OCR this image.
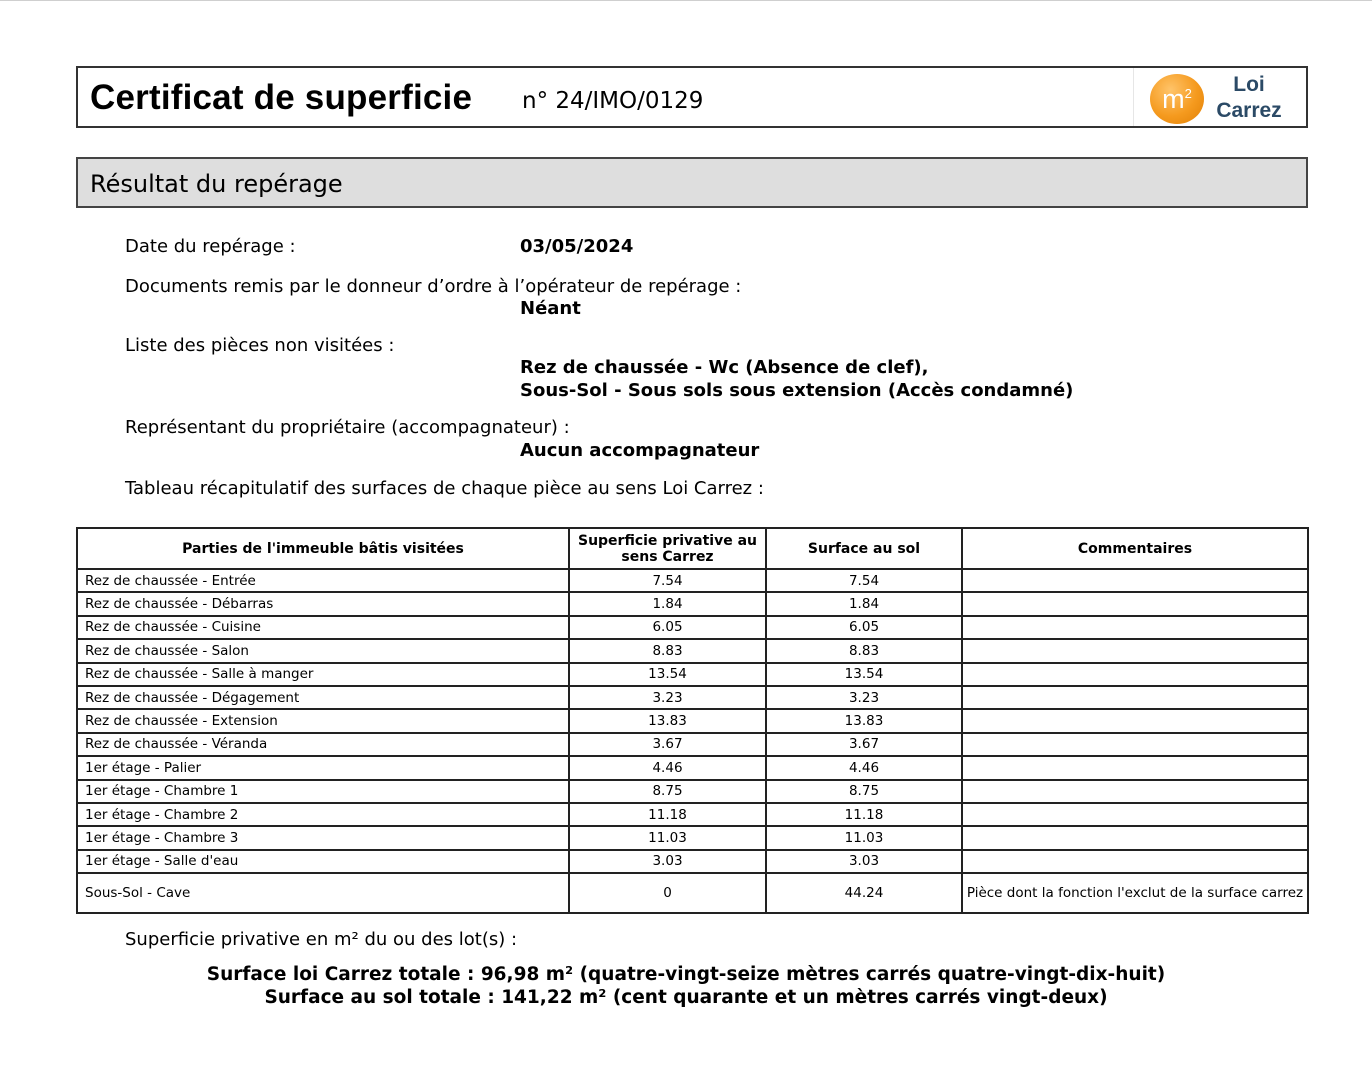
Certificat de superficie n° 24/IMO/0129	$m^2$	Loi
Carrez
Résultat du repérage
Date du repérage :	03/05/2024
Documents remis par le donneur d’ordre à l’opérateur de repérage :
Néant
Liste des pièces non visitées :
Rez de chaussée - Wc (Absence de clef),
Sous-Sol - Sous sols sous extension (Accès condamné)
Représentant du propriétaire (accompagnateur) :
Aucun accompagnateur
Tableau récapitulatif des surfaces de chaque pièce au sens Loi Carrez :
Parties de l'immeuble bâtis visitées	Superficie privative au sens Carrez	Surface au sol	Commentaires
Rez de chaussée - Entrée	7.54	7.54	
Rez de chaussée - Débarras	1.84	1.84	
Rez de chaussée - Cuisine	6.05	6.05	
Rez de chaussée - Salon	8.83	8.83	
Rez de chaussée - Salle à manger	13.54	13.54	
Rez de chaussée - Dégagement	3.23	3.23	
Rez de chaussée - Extension	13.83	13.83	
Rez de chaussée - Véranda	3.67	3.67	
1er étage - Palier	4.46	4.46	
1er étage - Chambre 1	8.75	8.75	
1er étage - Chambre 2	11.18	11.18	
1er étage - Chambre 3	11.03	11.03	
1er étage - Salle d'eau	3.03	3.03	
Sous-Sol - Cave	0	44.24	Pièce dont la fonction l'exclut de la surface carrez
Superficie privative en m² du ou des lot(s) :
Surface loi Carrez totale : 96,98 m² (quatre-vingt-seize mètres carrés quatre-vingt-dix-huit)
Surface au sol totale : 141,22 m² (cent quarante et un mètres carrés vingt-deux)
